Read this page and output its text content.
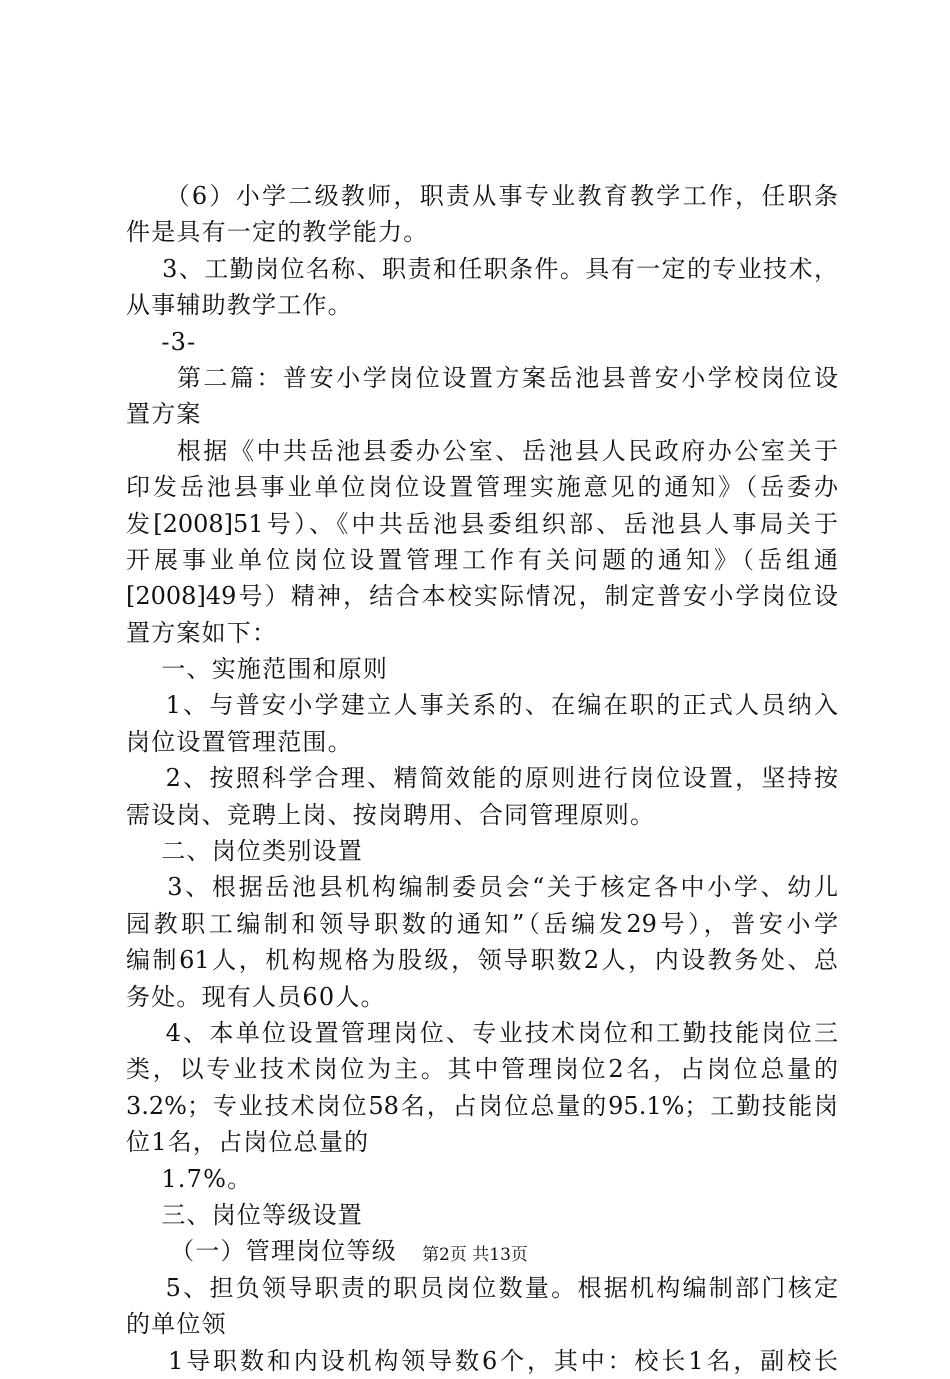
（6）小学二级教师，职责从事专业教育教学工作，任职条
件是具有一定的教学能力。
3、工勤岗位名称、职责和任职条件。具有一定的专业技术，
从事辅助教学工作。
-3-
第二篇：普安小学岗位设置方案岳池县普安小学校岗位设
置方案
根据《中共岳池县委办公室、岳池县人民政府办公室关于
印发岳池县事业单位岗位设置管理实施意见的通知》（岳委办
发[2008]51号）、《中共岳池县委组织部、岳池县人事局关于
开展事业单位岗位设置管理工作有关问题的通知》（岳组通
[2008]49号）精神，结合本校实际情况，制定普安小学岗位设
置方案如下：
一、实施范围和原则
1、与普安小学建立人事关系的、在编在职的正式人员纳入
岗位设置管理范围。
2、按照科学合理、精简效能的原则进行岗位设置，坚持按
需设岗、竞聘上岗、按岗聘用、合同管理原则。
二、岗位类别设置
3、根据岳池县机构编制委员会“关于核定各中小学、幼儿
园教职工编制和领导职数的通知”（岳编发29号），普安小学
编制61人，机构规格为股级，领导职数2人，内设教务处、总
务处。现有人员60人。
4、本单位设置管理岗位、专业技术岗位和工勤技能岗位三
类，以专业技术岗位为主。其中管理岗位2名，占岗位总量的
3.2%；专业技术岗位58名，占岗位总量的95.1%；工勤技能岗
位1名，占岗位总量的
1.7%。
三、岗位等级设置
（一）管理岗位等级
5、担负领导职责的职员岗位数量。根据机构编制部门核定
的单位领
1导职数和内设机构领导数6个，其中：校长1名，副校长
第2页 共13页
